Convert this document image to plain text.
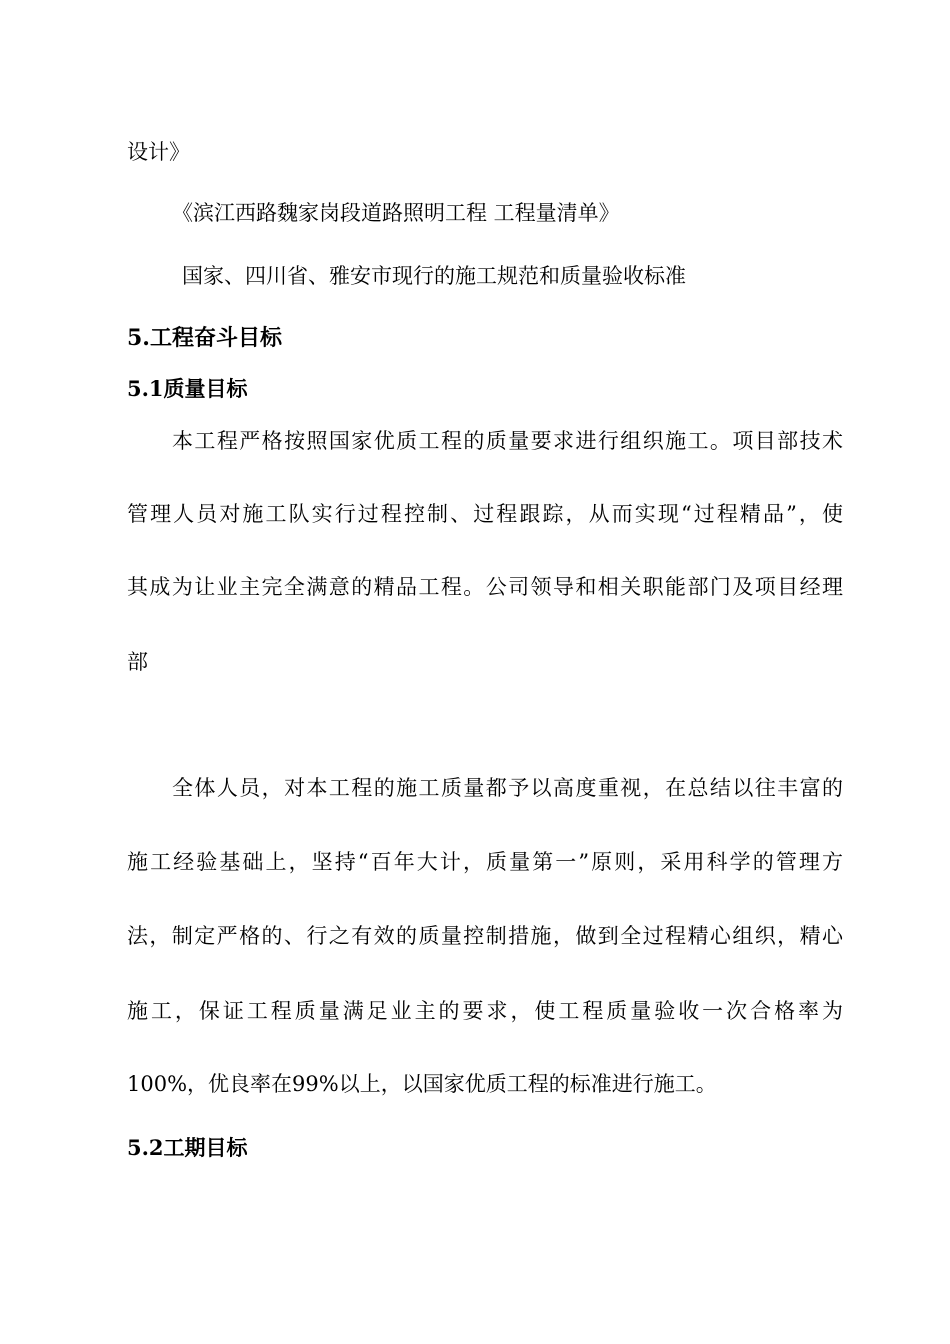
设计》
《滨江西路魏家岗段道路照明工程 工程量清单》
国家、四川省、雅安市现行的施工规范和质量验收标准
5.工程奋斗目标
5.1质量目标
本工程严格按照国家优质工程的质量要求进行组织施工。项目部技术
管理人员对施工队实行过程控制、过程跟踪，从而实现“过程精品”，使
其成为让业主完全满意的精品工程。公司领导和相关职能部门及项目经理
部
全体人员，对本工程的施工质量都予以高度重视，在总结以往丰富的
施工经验基础上，坚持“百年大计，质量第一”原则，采用科学的管理方
法，制定严格的、行之有效的质量控制措施，做到全过程精心组织，精心
施工，保证工程质量满足业主的要求，使工程质量验收一次合格率为
100%，优良率在99%以上，以国家优质工程的标准进行施工。
5.2工期目标
